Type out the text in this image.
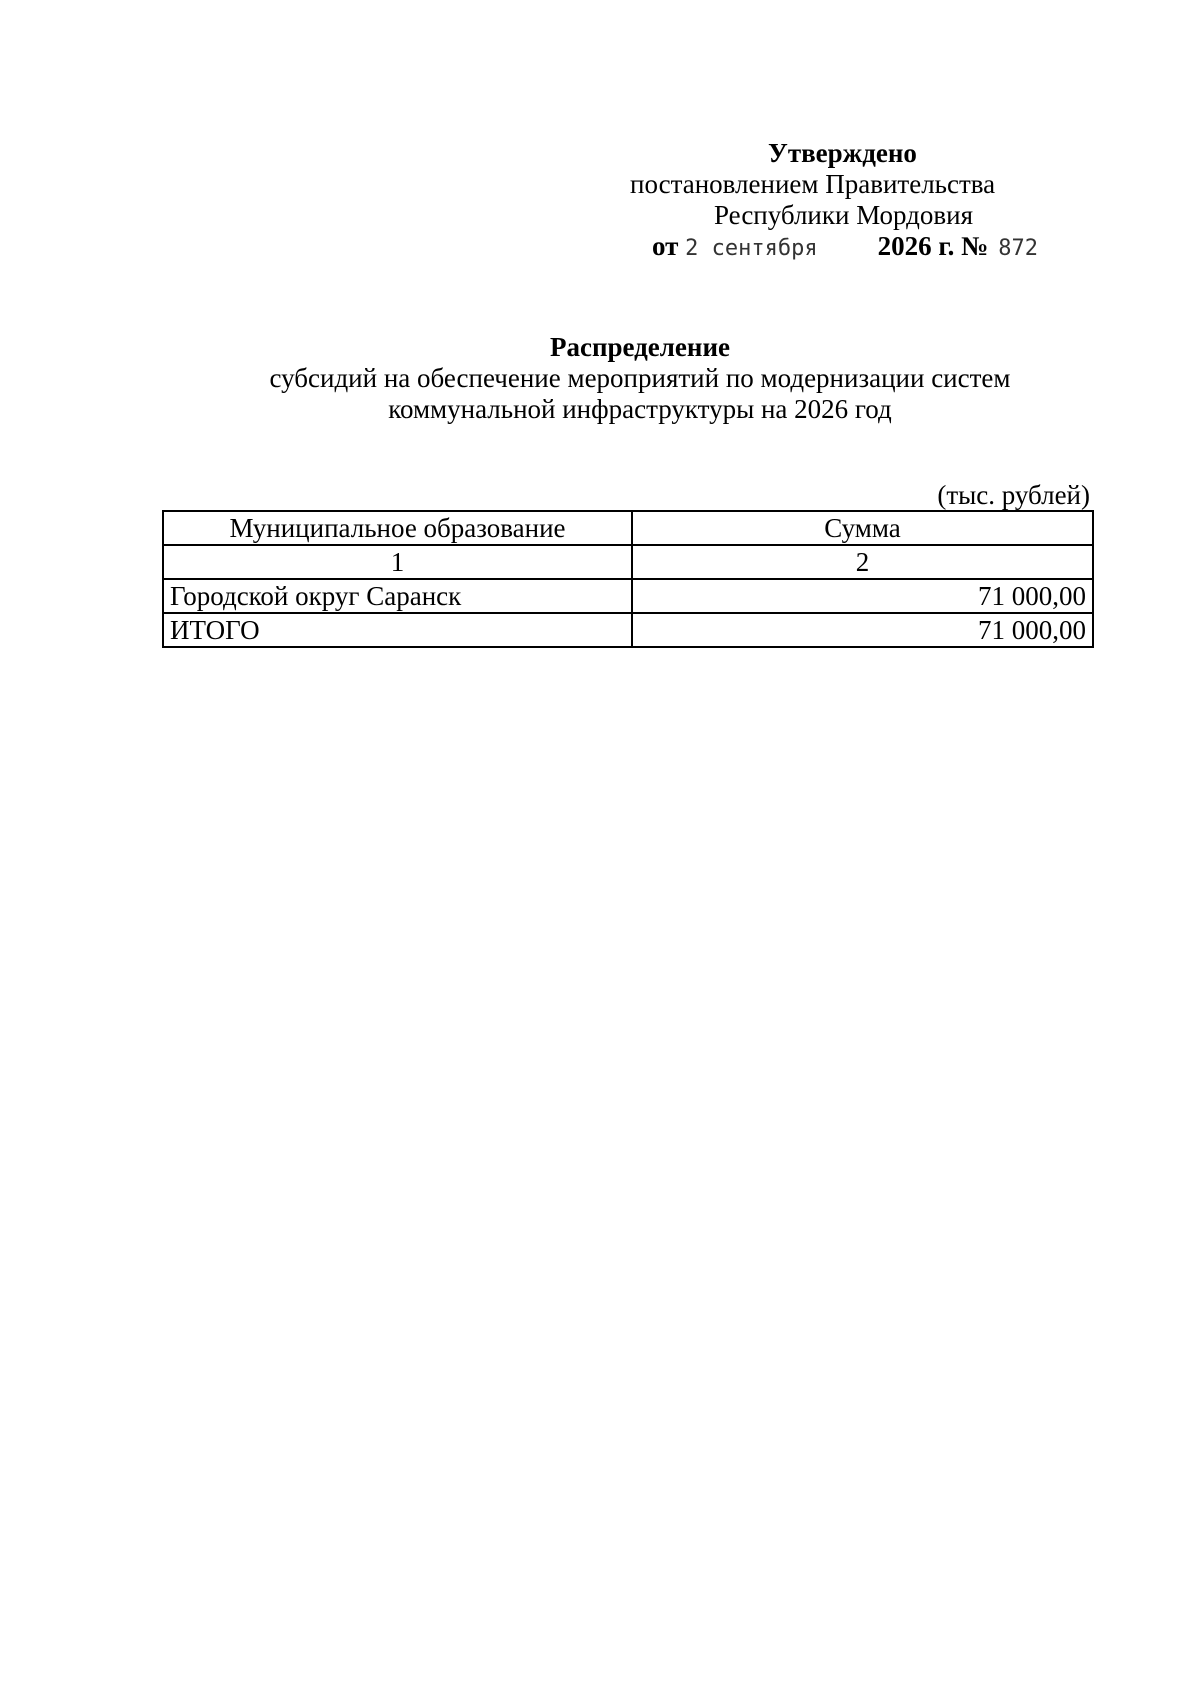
Утверждено
постановлением Правительства
Республики Мордовия
от 2 сентября 2026 г. № 872
Распределение
субсидий на обеспечение мероприятий по модернизации систем
коммунальной инфраструктуры на 2026 год
(тыс. рублей)
Муниципальное образование	Сумма
1	2
Городской округ Саранск	71 000,00
ИТОГО	71 000,00
